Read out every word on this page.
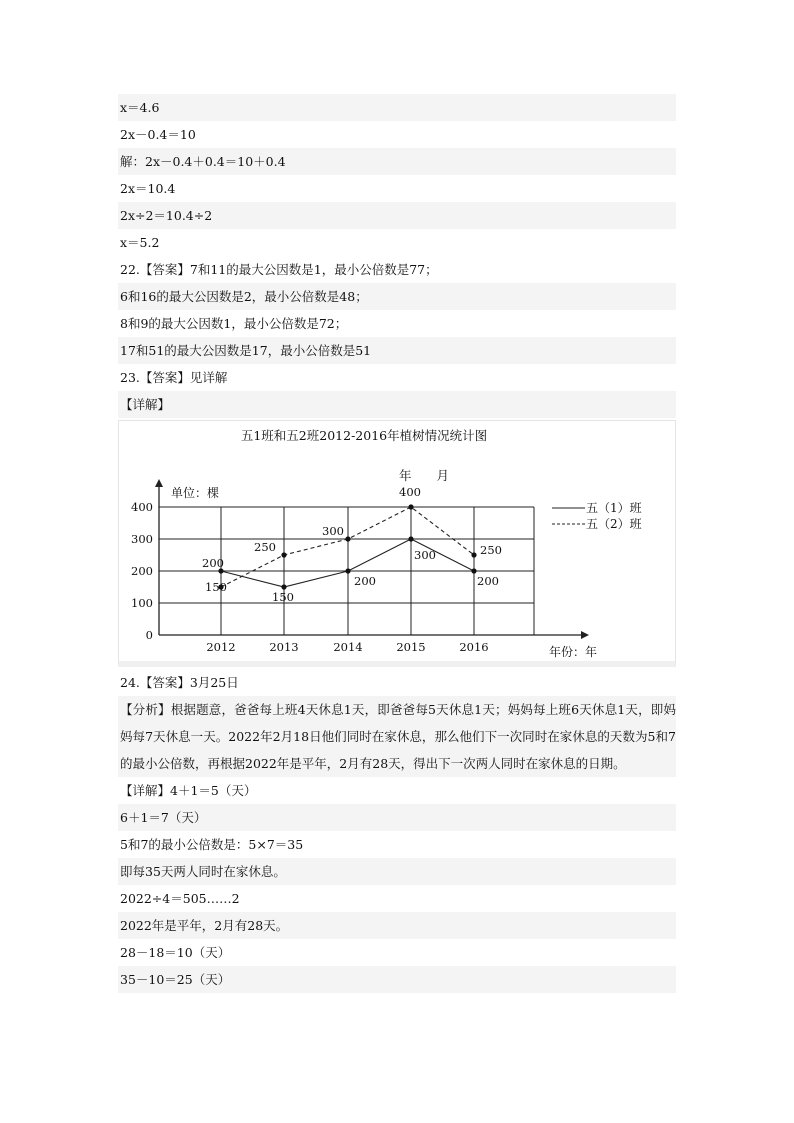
x＝4.6
2x－0.4＝10
解：2x－0.4＋0.4＝10＋0.4
2x＝10.4
2x÷2＝10.4÷2
x＝5.2
22.【答案】7和11的最大公因数是1，最小公倍数是77；
6和16的最大公因数是2，最小公倍数是48；
8和9的最大公因数1，最小公倍数是72；
17和51的最大公因数是17，最小公倍数是51
23.【答案】见详解
【详解】
五1班和五2班2012-2016年植树情况统计图
年　　月
单位：棵
年份：年
0
100
200
300
400
2012	2013	2014	2015	2016
200
150
200
300
200
150
250
300
400
250
五（1）班
五（2）班
24.【答案】3月25日
【分析】根据题意，爸爸每上班4天休息1天，即爸爸每5天休息1天；妈妈每上班6天休息1天，即妈妈每7天休息一天。2022年2月18日他们同时在家休息，那么他们下一次同时在家休息的天数为5和7的最小公倍数，再根据2022年是平年，2月有28天，得出下一次两人同时在家休息的日期。
【详解】4＋1＝5（天）
6＋1＝7（天）
5和7的最小公倍数是：5×7＝35
即每35天两人同时在家休息。
2022÷4＝505……2
2022年是平年，2月有28天。
28－18＝10（天）
35－10＝25（天）
